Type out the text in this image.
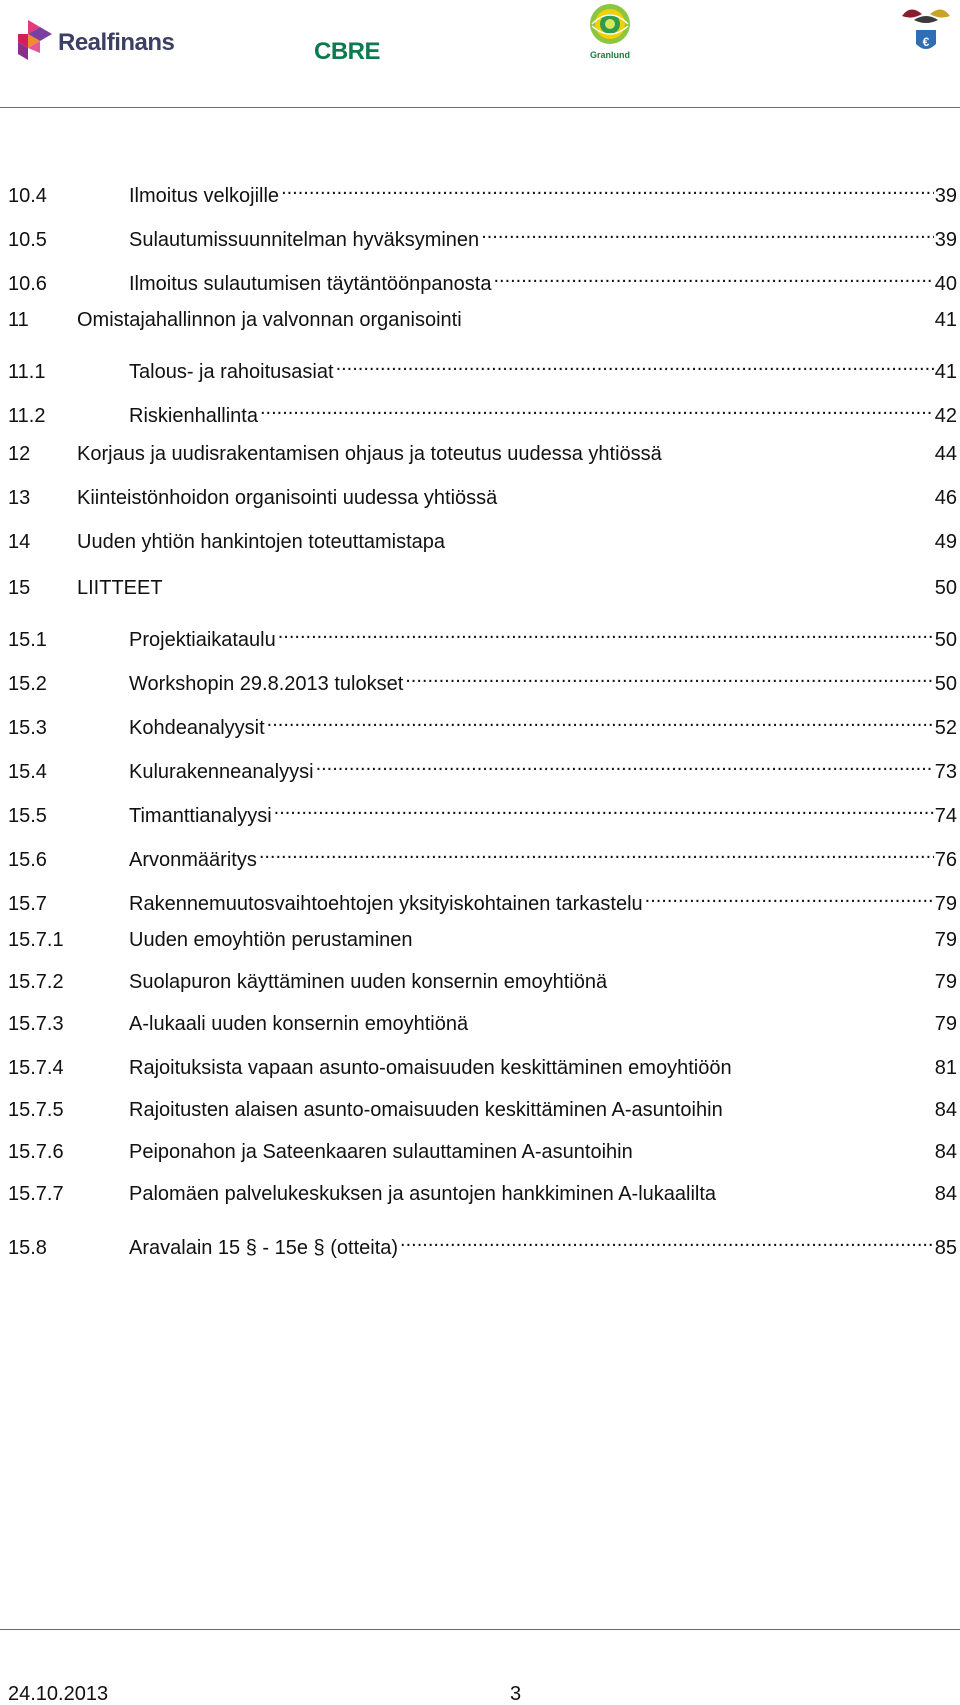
Realfinans	CBRE	Granlund
€
10.4	Ilmoitus velkojille .....	39
10.5	Sulautumissuunnitelman hyväksyminen .....	39
10.6	Ilmoitus sulautumisen täytäntöönpanosta .....	40
11	Omistajahallinnon ja valvonnan organisointi	41
11.1	Talous- ja rahoitusasiat .....	41
11.2	Riskienhallinta .....	42
12	Korjaus ja uudisrakentamisen ohjaus ja toteutus uudessa yhtiössä	44
13	Kiinteistönhoidon organisointi uudessa yhtiössä	46
14	Uuden yhtiön hankintojen toteuttamistapa	49
15	LIITTEET	50
15.1	Projektiaikataulu .....	50
15.2	Workshopin 29.8.2013 tulokset .....	50
15.3	Kohdeanalyysit .....	52
15.4	Kulurakenneanalyysi .....	73
15.5	Timanttianalyysi .....	74
15.6	Arvonmääritys .....	76
15.7	Rakennemuutosvaihtoehtojen yksityiskohtainen tarkastelu .....	79
15.7.1	Uuden emoyhtiön perustaminen	79
15.7.2	Suolapuron käyttäminen uuden konsernin emoyhtiönä	79
15.7.3	A-lukaali uuden konsernin emoyhtiönä	79
15.7.4	Rajoituksista vapaan asunto-omaisuuden keskittäminen emoyhtiöön	81
15.7.5	Rajoitusten alaisen asunto-omaisuuden keskittäminen A-asuntoihin	84
15.7.6	Peiponahon ja Sateenkaaren sulauttaminen A-asuntoihin	84
15.7.7	Palomäen palvelukeskuksen ja asuntojen hankkiminen A-lukaalilta	84
15.8	Aravalain 15 § - 15e § (otteita) .....	85
24.10.2013	3
